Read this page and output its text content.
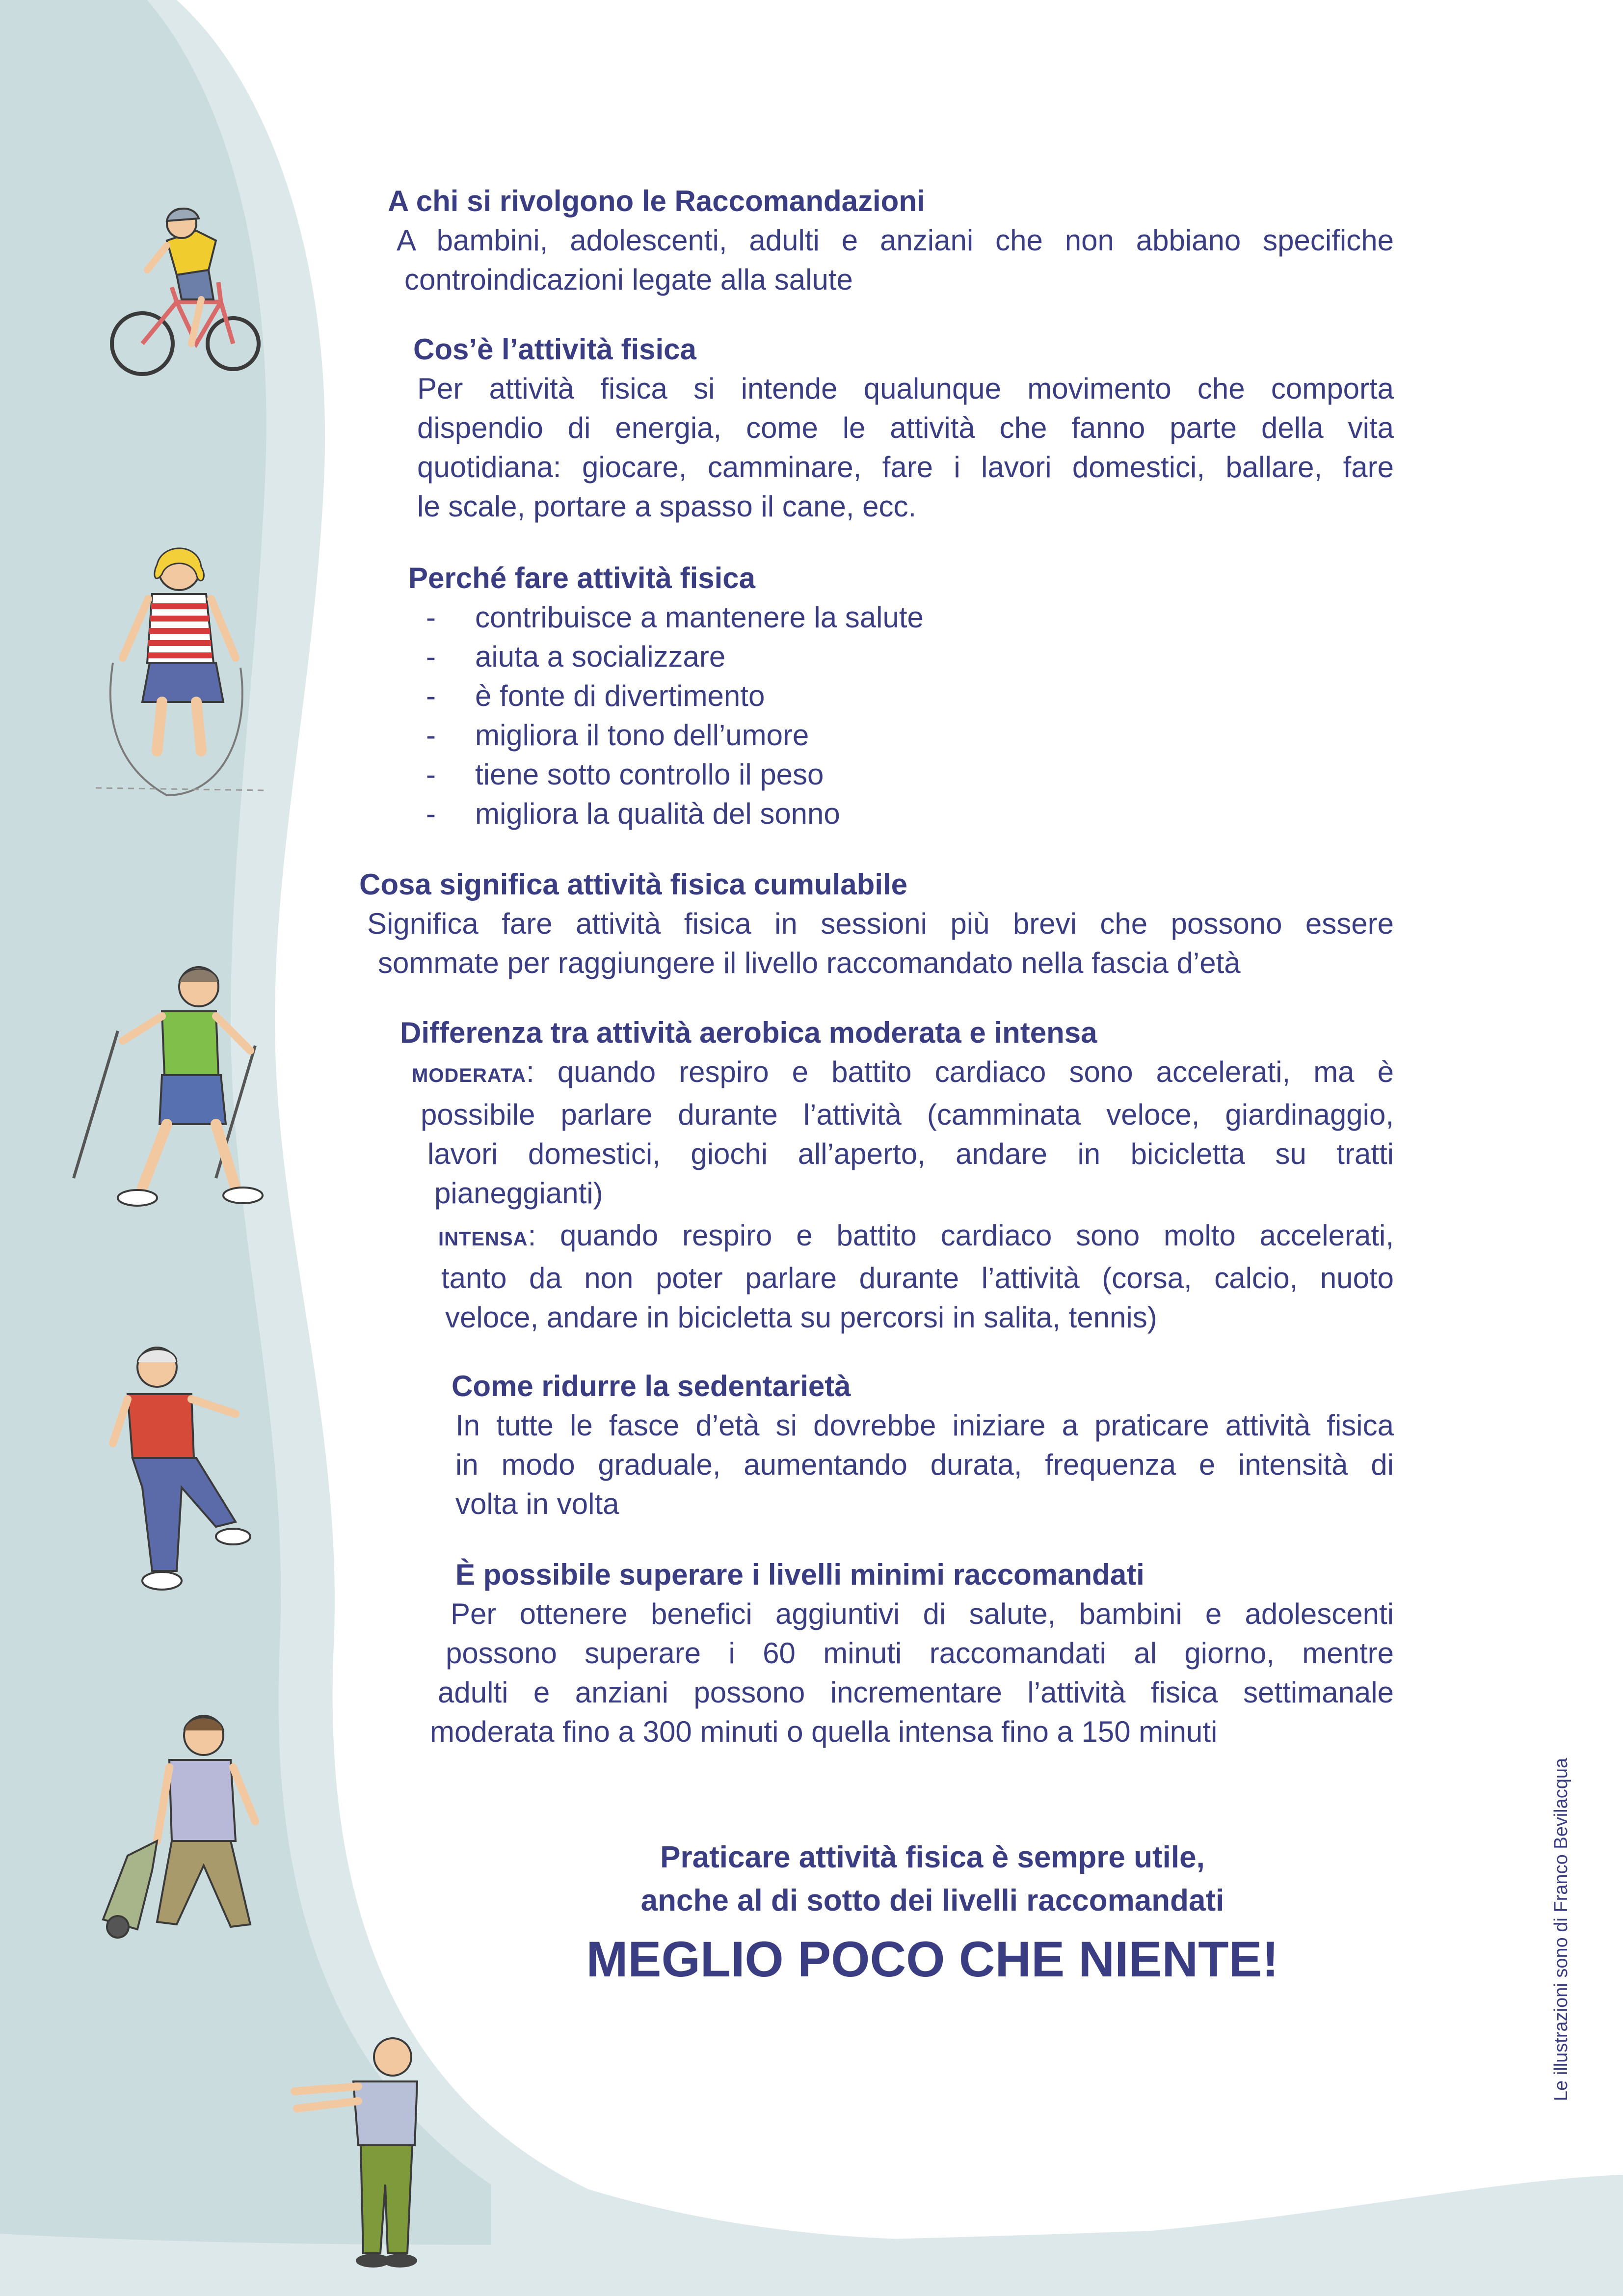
A chi si rivolgono le Raccomandazioni
A bambini, adolescenti, adulti e anziani che non abbiano specifiche
controindicazioni legate alla salute
Cos’è l’attività fisica
Per attività fisica si intende qualunque movimento che comporta
dispendio di energia, come le attività che fanno parte della vita
quotidiana: giocare, camminare, fare i lavori domestici, ballare, fare
le scale, portare a spasso il cane, ecc.
Perché fare attività fisica
- contribuisce a mantenere la salute
- aiuta a socializzare
- è fonte di divertimento
- migliora il tono dell’umore
- tiene sotto controllo il peso
- migliora la qualità del sonno
Cosa significa attività fisica cumulabile
Significa fare attività fisica in sessioni più brevi che possono essere
sommate per raggiungere il livello raccomandato nella fascia d’età
Differenza tra attività aerobica moderata e intensa
MODERATA: quando respiro e battito cardiaco sono accelerati, ma è
possibile parlare durante l’attività (camminata veloce, giardinaggio,
lavori domestici, giochi all’aperto, andare in bicicletta su tratti
pianeggianti)
INTENSA: quando respiro e battito cardiaco sono molto accelerati,
tanto da non poter parlare durante l’attività (corsa, calcio, nuoto
veloce, andare in bicicletta su percorsi in salita, tennis)
Come ridurre la sedentarietà
In tutte le fasce d’età si dovrebbe iniziare a praticare attività fisica
in modo graduale, aumentando durata, frequenza e intensità di
volta in volta
È possibile superare i livelli minimi raccomandati
Per ottenere benefici aggiuntivi di salute, bambini e adolescenti
possono superare i 60 minuti raccomandati al giorno, mentre
adulti e anziani possono incrementare l’attività fisica settimanale
moderata fino a 300 minuti o quella intensa fino a 150 minuti
Praticare attività fisica è sempre utile,
anche al di sotto dei livelli raccomandati
MEGLIO POCO CHE NIENTE!	Le illustrazioni sono di Franco Bevilacqua
